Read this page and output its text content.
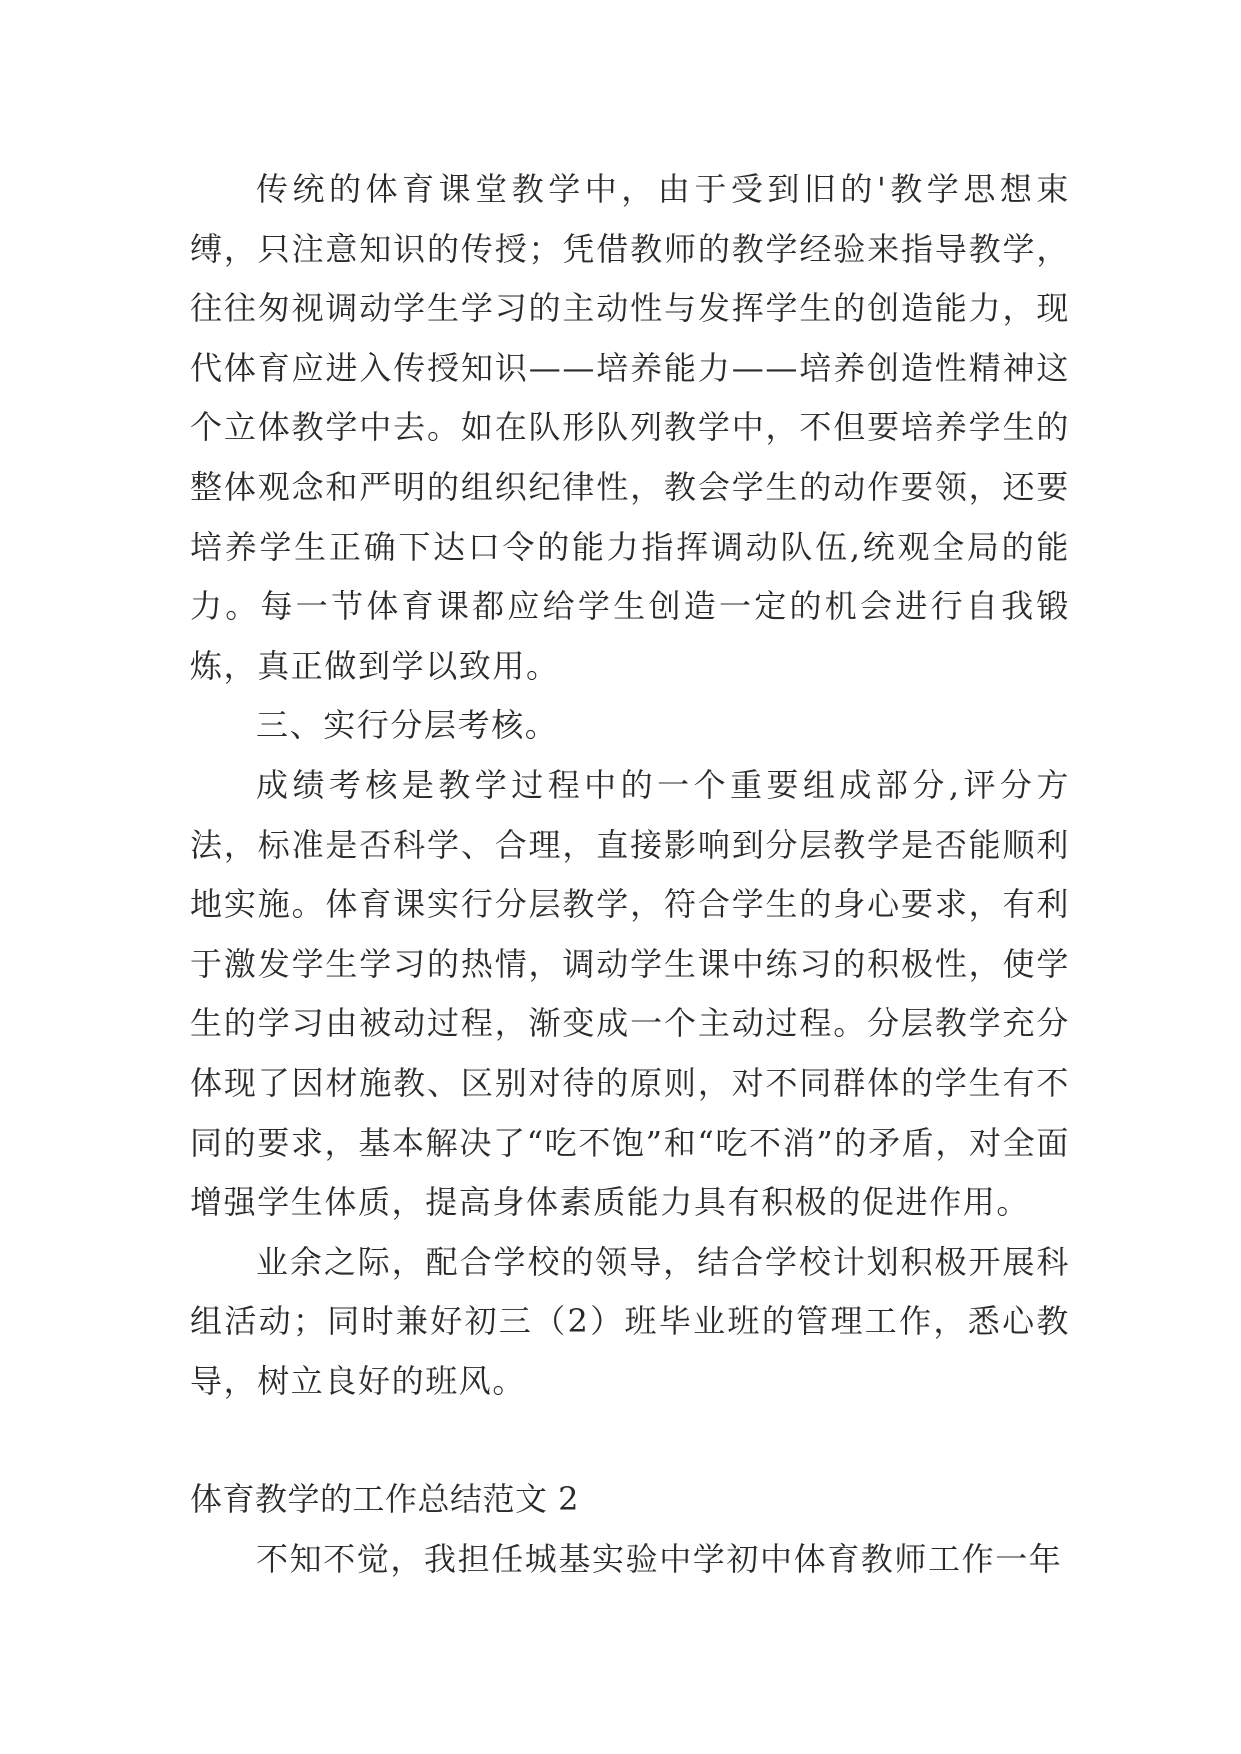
传统的体育课堂教学中，由于受到旧的'教学思想束缚，只注意知识的传授；凭借教师的教学经验来指导教学，往往匆视调动学生学习的主动性与发挥学生的创造能力，现代体育应进入传授知识——培养能力——培养创造性精神这个立体教学中去。如在队形队列教学中，不但要培养学生的整体观念和严明的组织纪律性，教会学生的动作要领，还要培养学生正确下达口令的能力指挥调动队伍,统观全局的能力。每一节体育课都应给学生创造一定的机会进行自我锻炼，真正做到学以致用。

三、实行分层考核。

成绩考核是教学过程中的一个重要组成部分,评分方法，标准是否科学、合理，直接影响到分层教学是否能顺利地实施。体育课实行分层教学，符合学生的身心要求，有利于激发学生学习的热情，调动学生课中练习的积极性，使学生的学习由被动过程，渐变成一个主动过程。分层教学充分体现了因材施教、区别对待的原则，对不同群体的学生有不同的要求，基本解决了“吃不饱”和“吃不消”的矛盾，对全面增强学生体质，提高身体素质能力具有积极的促进作用。

业余之际，配合学校的领导，结合学校计划积极开展科组活动；同时兼好初三（2）班毕业班的管理工作，悉心教导，树立良好的班风。

体育教学的工作总结范文 2

不知不觉，我担任城基实验中学初中体育教师工作一年
